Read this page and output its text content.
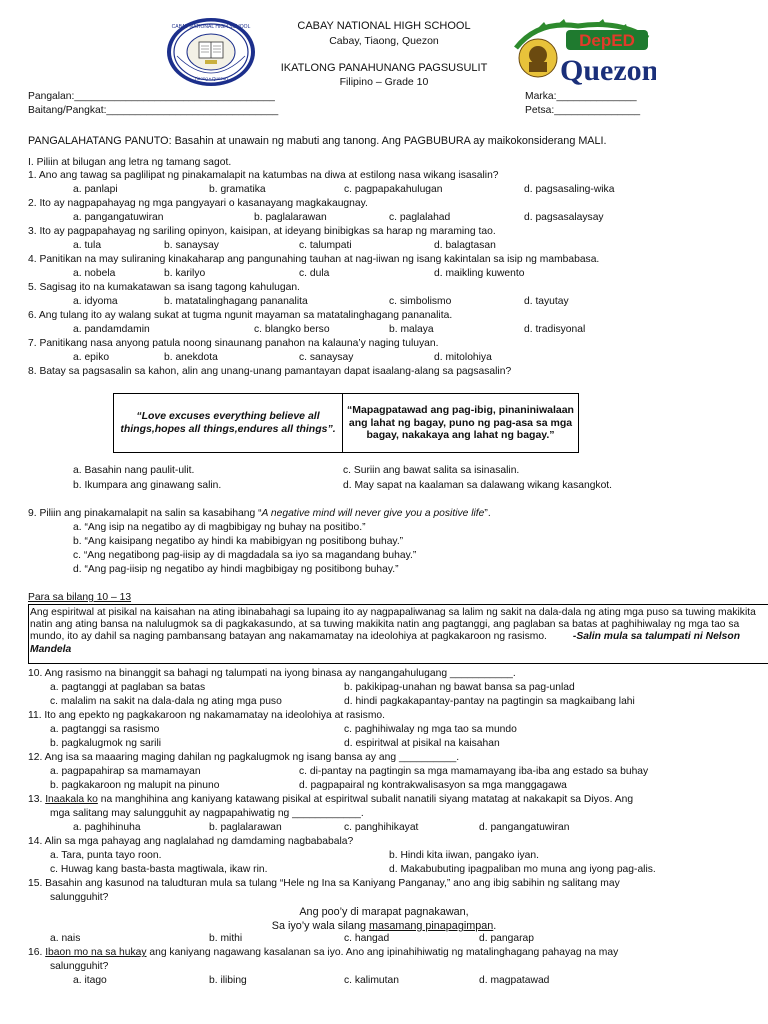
CABAY NATIONAL HIGH SCHOOL
Tiaong • Quezon
CABAY NATIONAL HIGH SCHOOL
Cabay, Tiaong, Quezon
IKATLONG PANAHUNANG PAGSUSULIT
Filipino – Grade 10
DepED
Quezon
Pangalan:___________________________________
Baitang/Pangkat:______________________________
Marka:______________
Petsa:_______________
PANGALAHATANG PANUTO: Basahin at unawain ng mabuti ang tanong. Ang PAGBUBURA ay maikokonsiderang MALI.
I. Piliin at bilugan ang letra ng tamang sagot.
1. Ano ang tawag sa paglilipat ng pinakamalapit na katumbas na diwa at estilong nasa wikang isasalin?
a. panlapi	b. gramatika	c. pagpapakahulugan	d. pagsasaling-wika
2. Ito ay nagpapahayag ng mga pangyayari o kasanayang magkakaugnay.
a. pangangatuwiran	b. paglalarawan	c. paglalahad	d. pagsasalaysay
3. Ito ay pagpapahayag ng sariling opinyon, kaisipan, at ideyang binibigkas sa harap ng maraming tao.
a. tula	b. sanaysay	c. talumpati	d. balagtasan
4. Panitikan na may suliraning kinakaharap ang pangunahing tauhan at nag-iiwan ng isang kakintalan sa isip ng mambabasa.
a. nobela	b. karilyo	c. dula	d. maikling kuwento
5. Sagisag ito na kumakatawan sa isang tagong kahulugan.
a. idyoma	b. matatalinghagang pananalita	c. simbolismo	d. tayutay
6. Ang tulang ito ay walang sukat at tugma ngunit mayaman sa matatalinghagang pananalita.
a. pandamdamin	c. blangko berso	b. malaya	d. tradisyonal
7. Panitikang nasa anyong patula noong sinaunang panahon na kalauna’y naging tuluyan.
a. epiko	b. anekdota	c. sanaysay	d. mitolohiya
8. Batay sa pagsasalin sa kahon, alin ang unang-unang pamantayan dapat isaalang-alang sa pagsasalin?
“Love excuses everything believe all things,hopes all things,endures all things”.
“Mapagpatawad ang pag-ibig, pinaniniwalaan ang lahat ng bagay, puno ng pag-asa sa mga bagay, nakakaya ang lahat ng bagay.”
a. Basahin nang paulit-ulit.	c. Suriin ang bawat salita sa isinasalin.
b. Ikumpara ang ginawang salin.	d. May sapat na kaalaman sa dalawang wikang kasangkot.
9. Piliin ang pinakamalapit na salin sa kasabihang “A negative mind will never give you a positive life”.
a. “Ang isip na negatibo ay di magbibigay ng buhay na positibo.”
b. “Ang kaisipang negatibo ay hindi ka mabibigyan ng positibong buhay.”
c. “Ang negatibong pag-iisip ay di magdadala sa iyo sa magandang buhay.”
d. “Ang pag-iisip ng negatibo ay hindi magbibigay ng positibong buhay.”
Para sa bilang 10 – 13
Ang espiritwal at pisikal na kaisahan na ating ibinabahagi sa lupaing ito ay nagpapaliwanag sa lalim ng sakit na dala-dala ng ating mga puso sa tuwing makikita natin ang ating bansa na nalulugmok sa di pagkakasundo, at sa tuwing makikita natin ang pagtanggi, ang paglaban sa batas at paghihiwalay ng mga tao sa mundo, ito ay dahil sa naging pambansang batayan ang nakamamatay na ideolohiya at pagkakaroon ng rasismo.	-Salin mula sa talumpati ni Nelson Mandela
10. Ang rasismo na binanggit sa bahagi ng talumpati na iyong binasa ay nangangahulugang ___________.
a. pagtanggi at paglaban sa batas	b. pakikipag-unahan ng bawat bansa sa pag-unlad
c. malalim na sakit na dala-dala ng ating mga puso	d. hindi pagkakapantay-pantay na pagtingin sa magkaibang lahi
11. Ito ang epekto ng pagkakaroon ng nakamamatay na ideolohiya at rasismo.
a. pagtanggi sa rasismo	c. paghihiwalay ng mga tao sa mundo
b. pagkalugmok ng sarili	d. espiritwal at pisikal na kaisahan
12. Ang isa sa maaaring maging dahilan ng pagkalugmok ng isang bansa ay ang __________.
a. pagpapahirap sa mamamayan	c. di-pantay na pagtingin sa mga mamamayang iba-iba ang estado sa buhay
b. pagkakaroon ng malupit na pinuno	d. pagpapairal ng kontrakwalisasyon sa mga manggagawa
13. Inaakala ko na manghihina ang kaniyang katawang pisikal at espiritwal subalit nanatili siyang matatag at nakakapit sa Diyos. Ang
mga salitang may salungguhit ay nagpapahiwatig ng ____________.
a. paghihinuha	b. paglalarawan	c. panghihikayat	d. pangangatuwiran
14. Alin sa mga pahayag ang naglalahad ng damdaming nagbababala?
a. Tara, punta tayo roon.	b. Hindi kita iiwan, pangako iyan.
c. Huwag kang basta-basta magtiwala, ikaw rin.	d. Makabubuting ipagpaliban mo muna ang iyong pag-alis.
15. Basahin ang kasunod na taludturan mula sa tulang “Hele ng Ina sa Kaniyang Panganay,” ano ang ibig sabihin ng salitang may
salungguhit?
Ang poo’y di marapat pagnakawan,
Sa iyo’y wala silang masamang pinapagimpan.
a. nais	b. mithi	c. hangad	d. pangarap
16. Ibaon mo na sa hukay ang kaniyang nagawang kasalanan sa iyo. Ano ang ipinahihiwatig ng matalinghagang pahayag na may
salungguhit?
a. itago	b. ilibing	c. kalimutan	d. magpatawad
